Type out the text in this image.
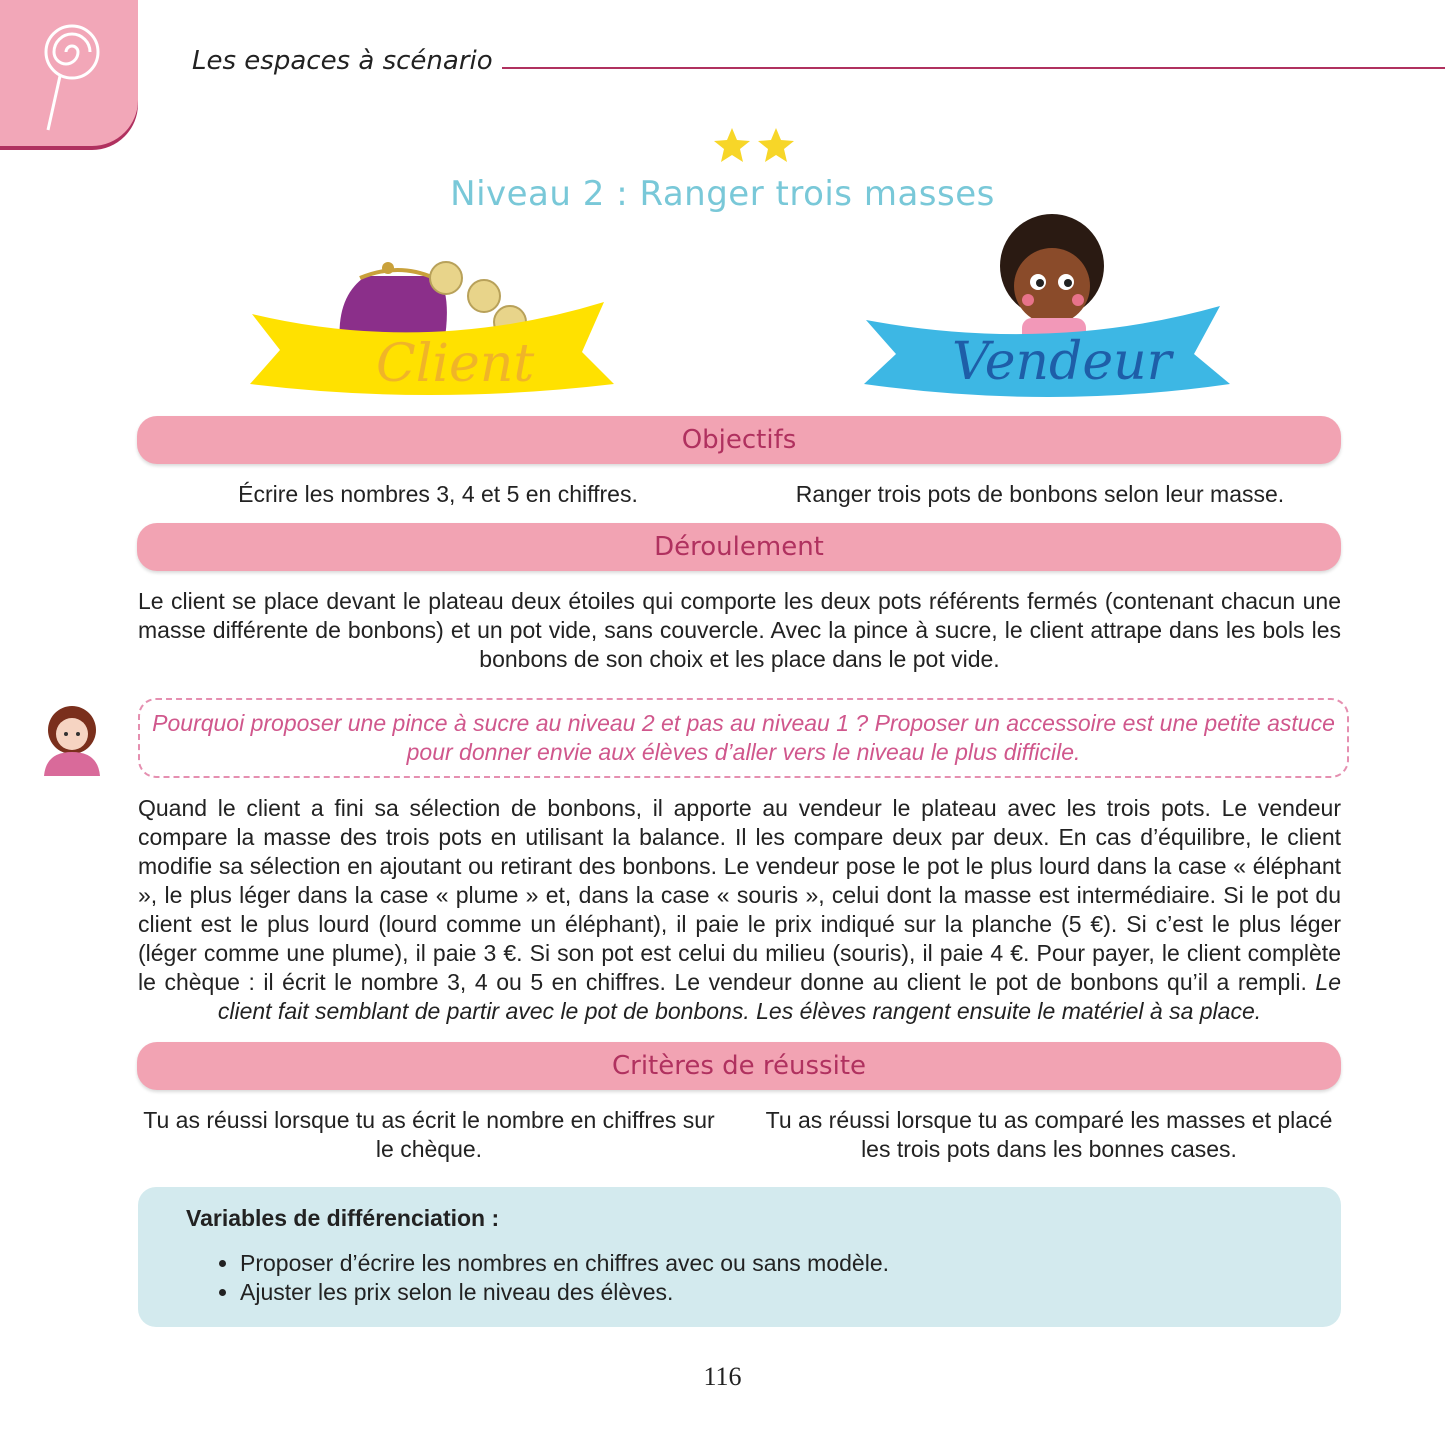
Les espaces à scénario
Niveau 2 : Ranger trois masses
Client	Vendeur
Objectifs
Écrire les nombres 3, 4 et 5 en chiffres.	Ranger trois pots de bonbons selon leur masse.
Déroulement
Le client se place devant le plateau deux étoiles qui comporte les deux pots référents fermés (contenant chacun une masse différente de bonbons) et un pot vide, sans couvercle. Avec la pince à sucre, le client attrape dans les bols les bonbons de son choix et les place dans le pot vide.
Pourquoi proposer une pince à sucre au niveau 2 et pas au niveau 1 ? Proposer un accessoire est une petite astuce pour donner envie aux élèves d’aller vers le niveau le plus difficile.
Quand le client a fini sa sélection de bonbons, il apporte au vendeur le plateau avec les trois pots. Le vendeur compare la masse des trois pots en utilisant la balance. Il les compare deux par deux. En cas d’équilibre, le client modifie sa sélection en ajoutant ou retirant des bonbons. Le vendeur pose le pot le plus lourd dans la case « éléphant », le plus léger dans la case « plume » et, dans la case « souris », celui dont la masse est intermédiaire. Si le pot du client est le plus lourd (lourd comme un éléphant), il paie le prix indiqué sur la planche (5 €). Si c’est le plus léger (léger comme une plume), il paie 3 €. Si son pot est celui du milieu (souris), il paie 4 €. Pour payer, le client complète le chèque : il écrit le nombre 3, 4 ou 5 en chiffres. Le vendeur donne au client le pot de bonbons qu’il a rempli. Le client fait semblant de partir avec le pot de bonbons. Les élèves rangent ensuite le matériel à sa place.
Critères de réussite
Tu as réussi lorsque tu as écrit le nombre en chiffres sur le chèque.
Tu as réussi lorsque tu as comparé les masses et placé les trois pots dans les bonnes cases.
Variables de différenciation :
• Proposer d’écrire les nombres en chiffres avec ou sans modèle.
• Ajuster les prix selon le niveau des élèves.
116
